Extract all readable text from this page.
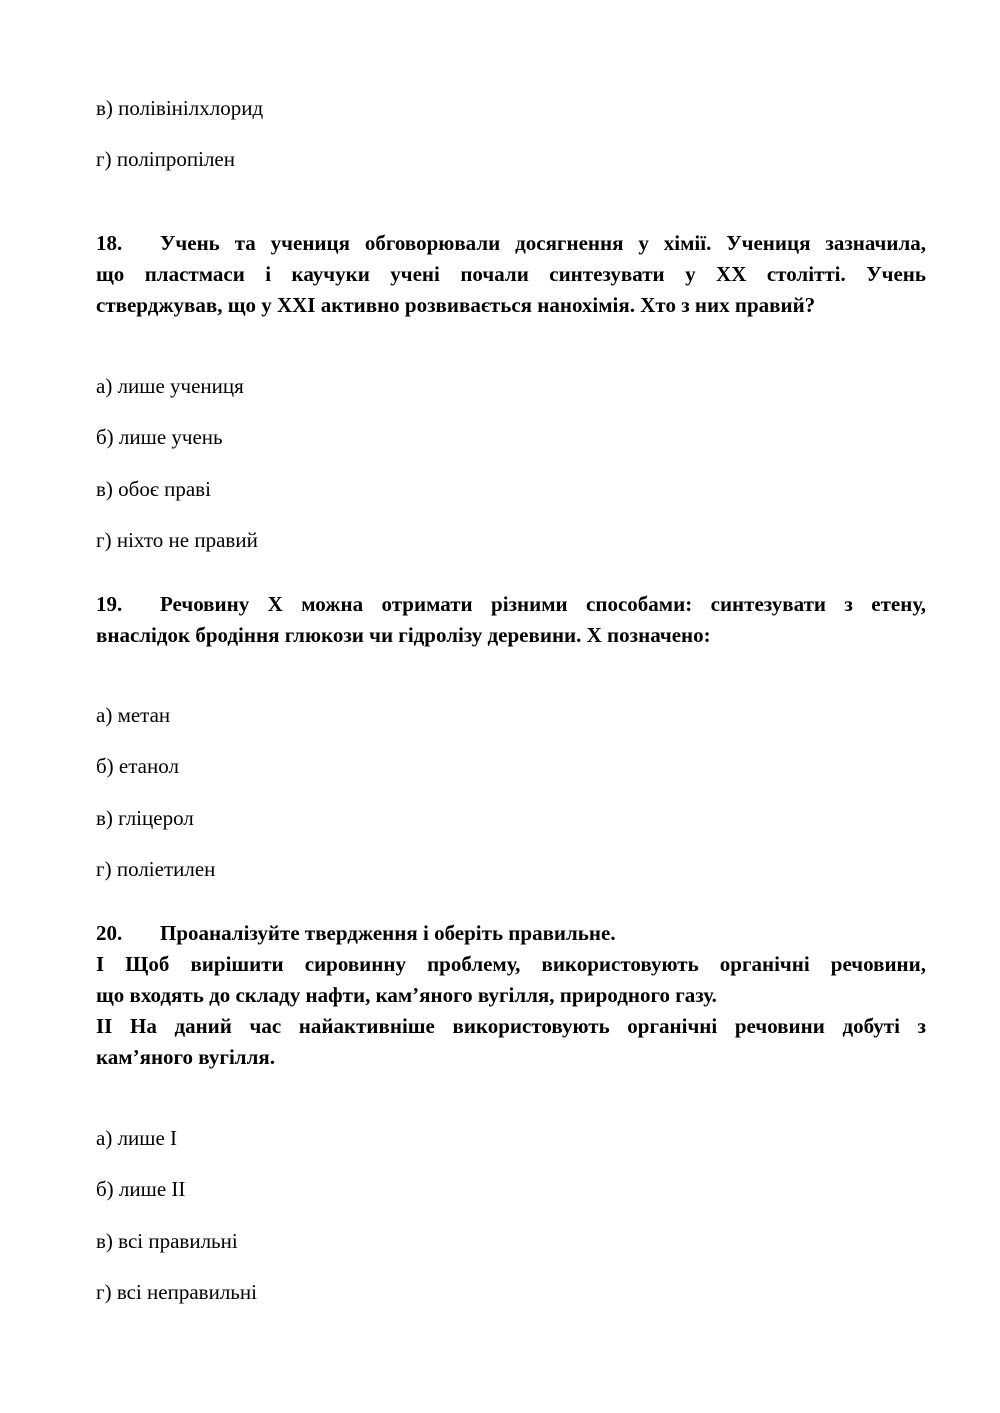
в) полівінілхлорид
г) поліпропілен

18. Учень та учениця обговорювали досягнення у хімії. Учениця зазначила,

що пластмаси і каучуки учені почали синтезувати у ХХ столітті. Учень

стверджував, що у ХХІ активно розвивається нанохімія. Хто з них правий?

а) лише учениця
б) лише учень
в) обоє праві
г) ніхто не правий

19. Речовину Х можна отримати різними способами: синтезувати з етену,

внаслідок бродіння глюкози чи гідролізу деревини. Х позначено:

а) метан
б) етанол
в) гліцерол
г) поліетилен

20. Проаналізуйте твердження і оберіть правильне.

І Щоб вирішити сировинну проблему, використовують органічні речовини,

що входять до складу нафти, кам’яного вугілля, природного газу.

ІІ На даний час найактивніше використовують органічні речовини добуті з

кам’яного вугілля.

а) лише І
б) лише ІІ
в) всі правильні
г) всі неправильні
